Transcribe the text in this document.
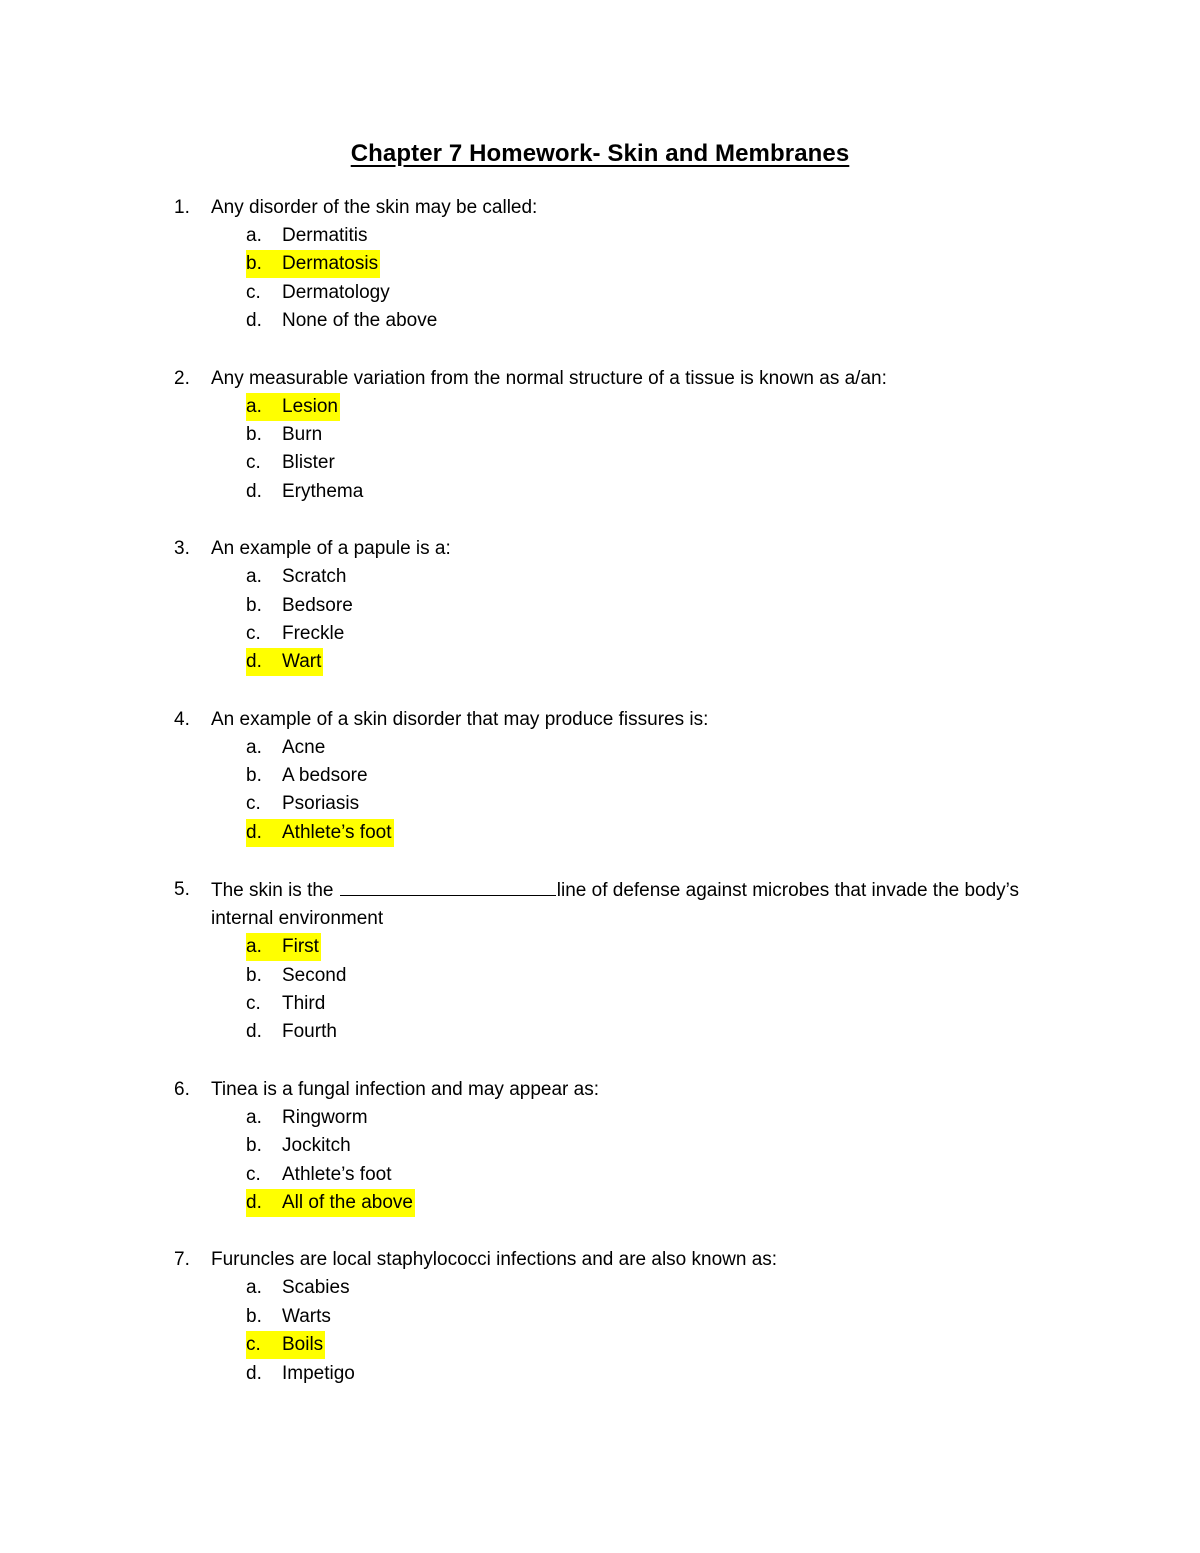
Chapter 7 Homework- Skin and Membranes
1. Any disorder of the skin may be called:
a. Dermatitis
b. Dermatosis
c. Dermatology
d. None of the above
2. Any measurable variation from the normal structure of a tissue is known as a/an:
a. Lesion
b. Burn
c. Blister
d. Erythema
3. An example of a papule is a:
a. Scratch
b. Bedsore
c. Freckle
d. Wart
4. An example of a skin disorder that may produce fissures is:
a. Acne
b. A bedsore
c. Psoriasis
d. Athlete’s foot
5. The skin is the	line of defense against microbes that invade the body’s internal environment
a. First
b. Second
c. Third
d. Fourth
6. Tinea is a fungal infection and may appear as:
a. Ringworm
b. Jockitch
c. Athlete’s foot
d. All of the above
7. Furuncles are local staphylococci infections and are also known as:
a. Scabies
b. Warts
c. Boils
d. Impetigo
